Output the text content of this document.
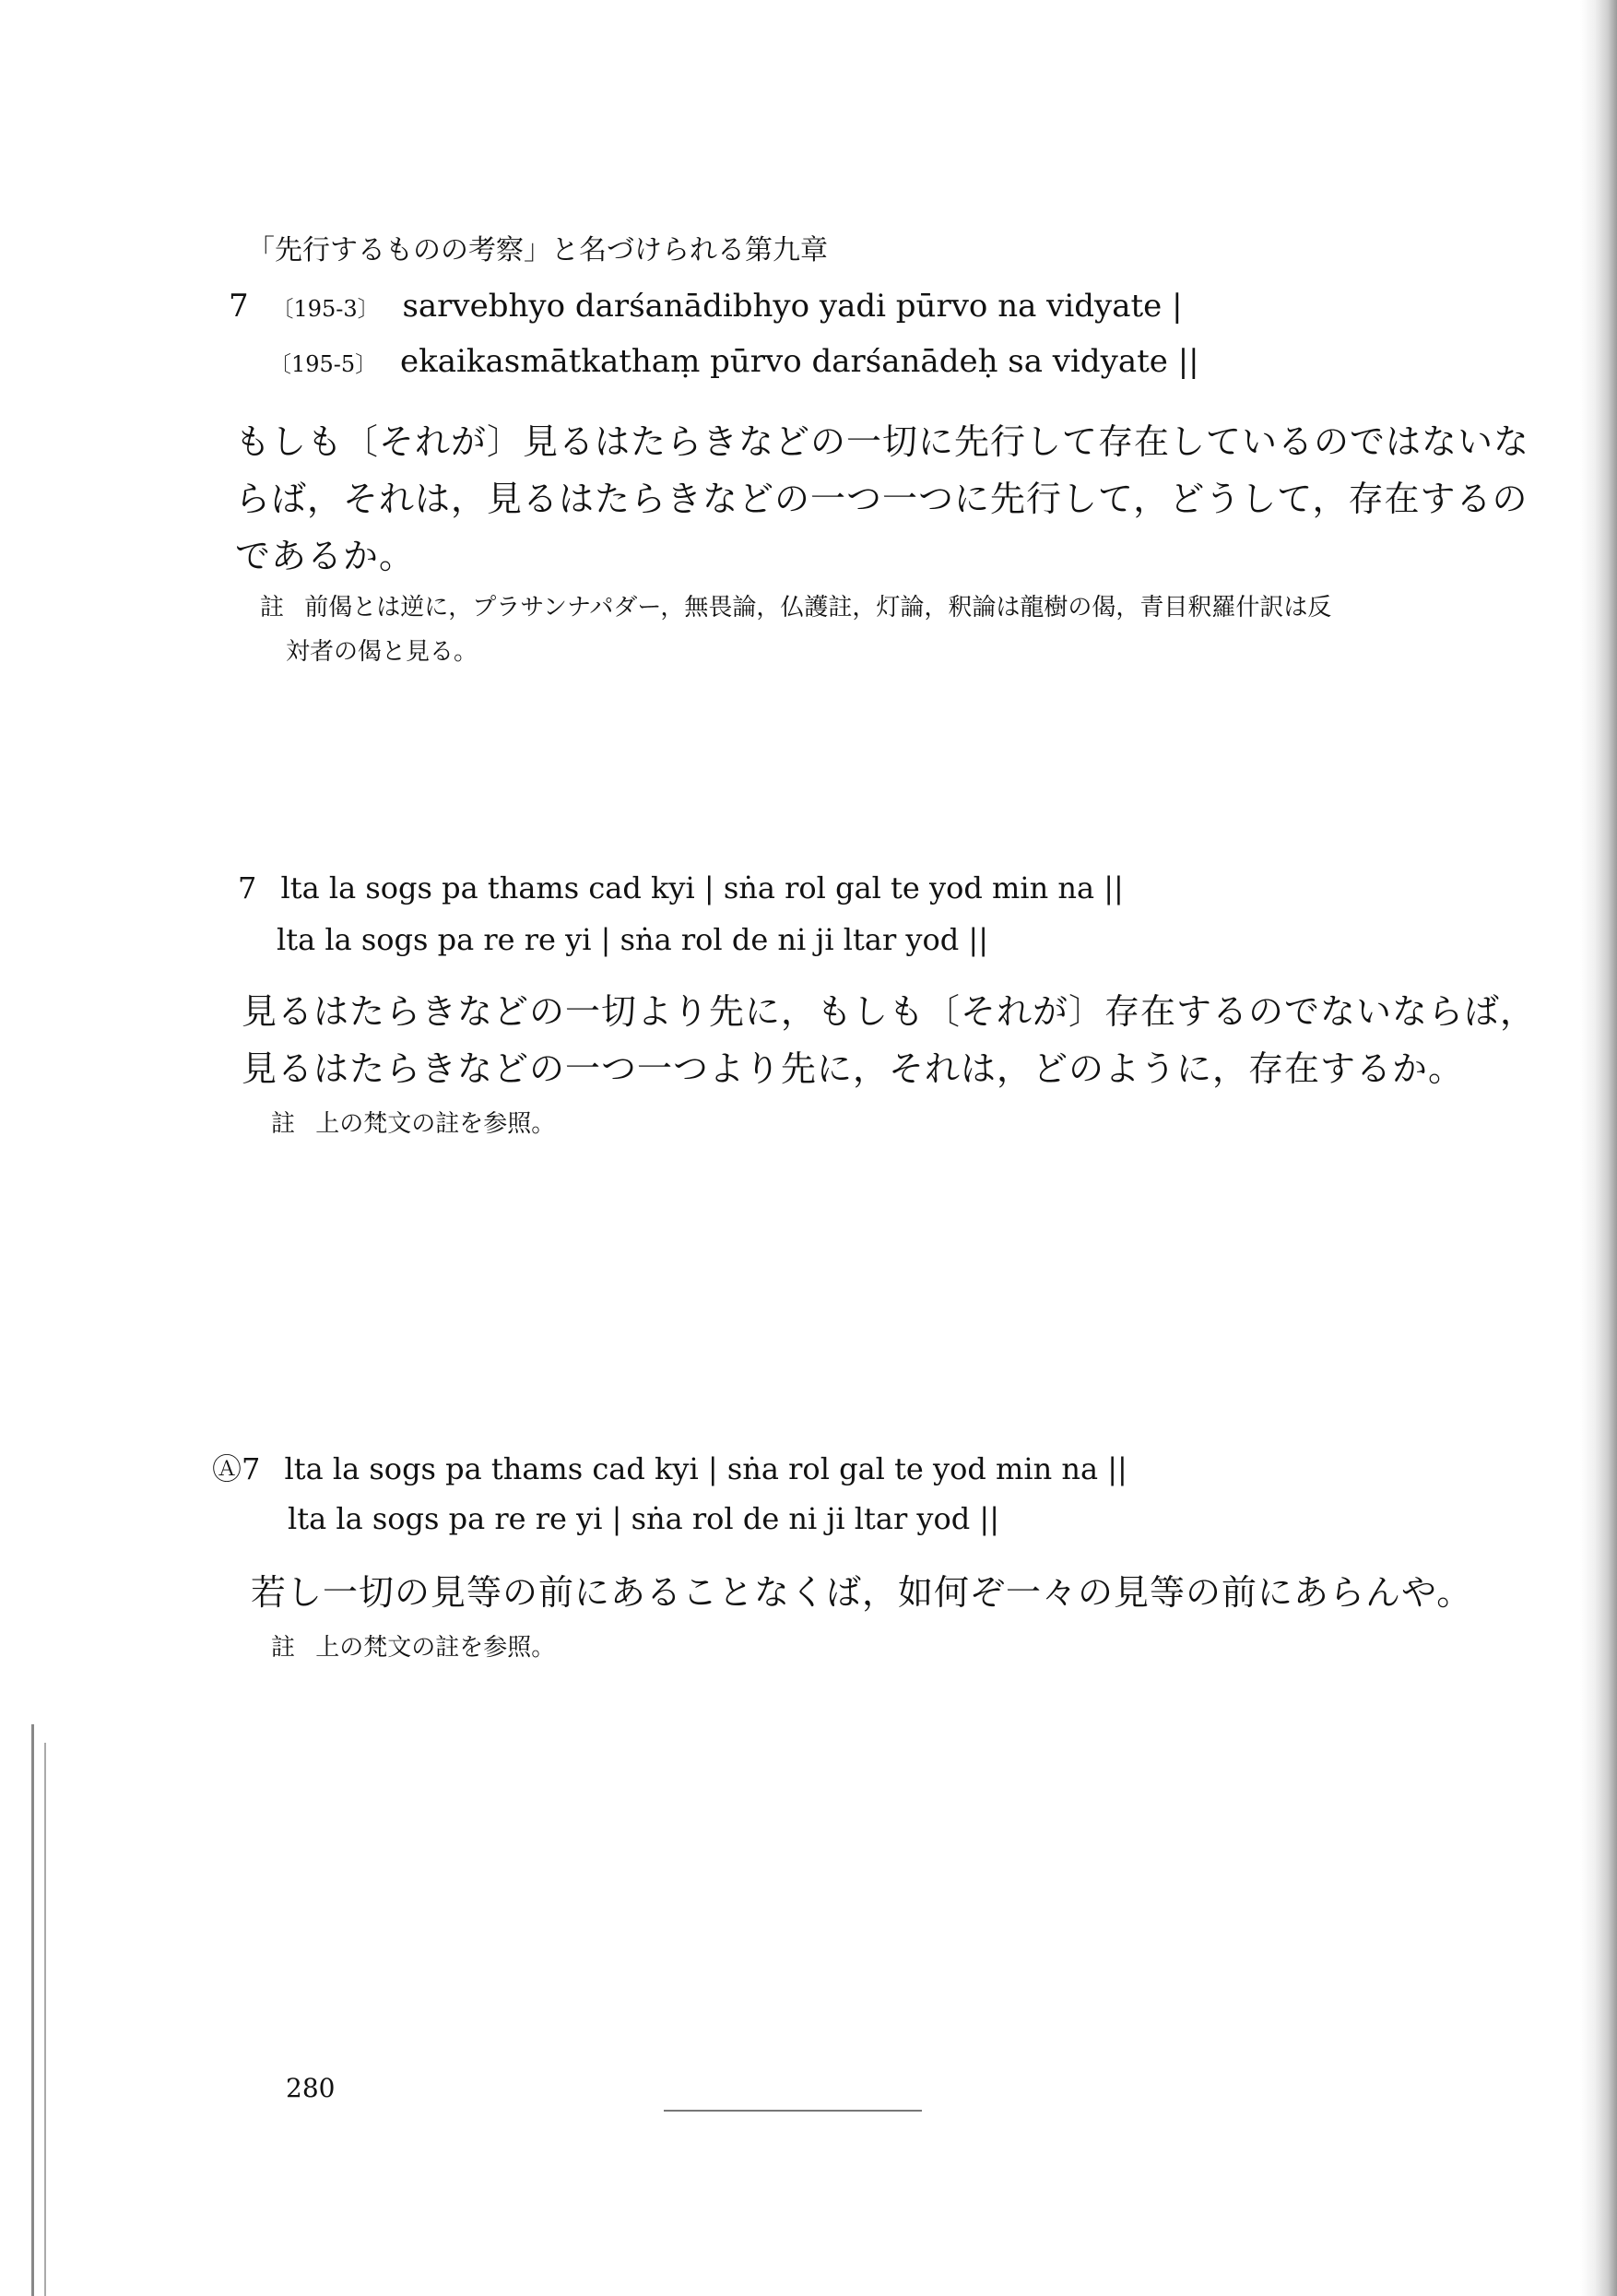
「先行するものの考察」と名づけられる第九章
7 〔195-3〕 sarvebhyo darśanādibhyo yadi pūrvo na vidyate |
〔195-5〕 ekaikasmātkathaṃ pūrvo darśanādeḥ sa vidyate ||
もしも〔それが〕見るはたらきなどの一切に先行して存在しているのではないな
らば，それは，見るはたらきなどの一つ一つに先行して，どうして，存在するの
であるか。
註 前偈とは逆に，プラサンナパダー，無畏論，仏護註，灯論，釈論は龍樹の偈，青目釈羅什訳は反
対者の偈と見る。
7 lta la sogs pa thams cad kyi | sṅa rol gal te yod min na ||
lta la sogs pa re re yi | sṅa rol de ni ji ltar yod ||
見るはたらきなどの一切より先に，もしも〔それが〕存在するのでないならば，
見るはたらきなどの一つ一つより先に，それは，どのように，存在するか。
註 上の梵文の註を参照。
Ⓐ7 lta la sogs pa thams cad kyi | sṅa rol gal te yod min na ||
lta la sogs pa re re yi | sṅa rol de ni ji ltar yod ||
若し一切の見等の前にあることなくば，如何ぞ一々の見等の前にあらんや。
註 上の梵文の註を参照。
280
